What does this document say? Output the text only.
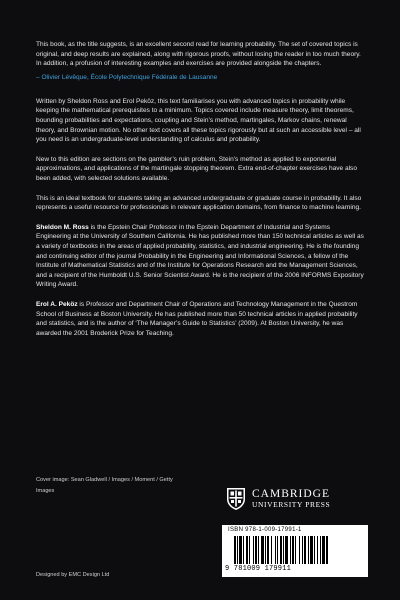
This book, as the title suggests, is an excellent second read for learning probability. The set of covered topics is original, and deep results are explained, along with rigorous proofs, without losing the reader in too much theory. In addition, a profusion of interesting examples and exercises are provided alongside the chapters.

– Olivier Lévêque, École Polytechnique Fédérale de Lausanne

Written by Sheldon Ross and Erol Peköz, this text familiarises you with advanced topics in probability while keeping the mathematical prerequisites to a minimum. Topics covered include measure theory, limit theorems, bounding probabilities and expectations, coupling and Stein’s method, martingales, Markov chains, renewal theory, and Brownian motion. No other text covers all these topics rigorously but at such an accessible level – all you need is an undergraduate-level understanding of calculus and probability.

New to this edition are sections on the gambler’s ruin problem, Stein’s method as applied to exponential approximations, and applications of the martingale stopping theorem. Extra end-of-chapter exercises have also been added, with selected solutions available.

This is an ideal textbook for students taking an advanced undergraduate or graduate course in probability. It also represents a useful resource for professionals in relevant application domains, from finance to machine learning.

Sheldon M. Ross is the Epstein Chair Professor in the Epstein Department of Industrial and Systems Engineering at the University of Southern California. He has published more than 150 technical articles as well as a variety of textbooks in the areas of applied probability, statistics, and industrial engineering. He is the founding and continuing editor of the journal Probability in the Engineering and Informational Sciences, a fellow of the Institute of Mathematical Statistics and of the Institute for Operations Research and the Management Sciences, and a recipient of the Humboldt U.S. Senior Scientist Award. He is the recipient of the 2006 INFORMS Expository Writing Award.

Erol A. Peköz is Professor and Department Chair of Operations and Technology Management in the Questrom School of Business at Boston University. He has published more than 50 technical articles in applied probability and statistics, and is the author of ‘The Manager’s Guide to Statistics’ (2009). At Boston University, he was awarded the 2001 Broderick Prize for Teaching.

Cover image: Sean Gladwell / Images / Moment / Getty Images
Designed by EMC Design Ltd
CAMBRIDGE
UNIVERSITY PRESS
ISBN 978-1-009-17991-1
9 781009 179911
